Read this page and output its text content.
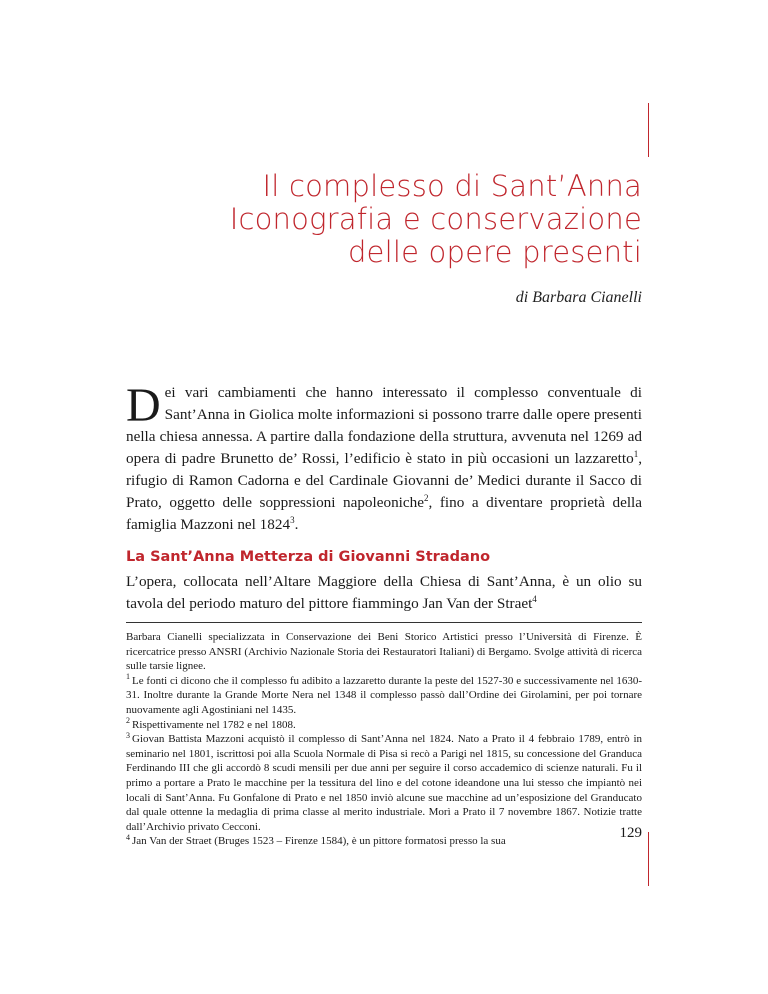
Il complesso di Sant’Anna
Iconografia e conservazione
delle opere presenti
di Barbara Cianelli

Dei vari cambiamenti che hanno interessato il complesso conventuale di Sant’Anna in Giolica molte informazioni si possono trarre dalle opere presenti nella chiesa annessa. A partire dalla fondazione della struttura, avvenuta nel 1269 ad opera di padre Brunetto de’ Rossi, l’edificio è stato in più occasioni un lazzaretto$^1$, rifugio di Ramon Cadorna e del Cardinale Giovanni de’ Medici durante il Sacco di Prato, oggetto delle soppressioni napoleoniche$^2$, fino a diventare proprietà della famiglia Mazzoni nel 1824$^3$.

La Sant’Anna Metterza di Giovanni Stradano

L’opera, collocata nell’Altare Maggiore della Chiesa di Sant’Anna, è un olio su tavola del periodo maturo del pittore fiammingo Jan Van der Straet$^4$

Barbara Cianelli specializzata in Conservazione dei Beni Storico Artistici presso l’Università di Firenze. È ricercatrice presso ANSRI (Archivio Nazionale Storia dei Restauratori Italiani) di Bergamo. Svolge attività di ricerca sulle tarsie lignee.

$^1$ Le fonti ci dicono che il complesso fu adibito a lazzaretto durante la peste del 1527-30 e successivamente nel 1630-31. Inoltre durante la Grande Morte Nera nel 1348 il complesso passò dall’Ordine dei Girolamini, per poi tornare nuovamente agli Agostiniani nel 1435.

$^2$ Rispettivamente nel 1782 e nel 1808.

$^3$ Giovan Battista Mazzoni acquistò il complesso di Sant’Anna nel 1824. Nato a Prato il 4 febbraio 1789, entrò in seminario nel 1801, iscrittosi poi alla Scuola Normale di Pisa si recò a Parigi nel 1815, su concessione del Granduca Ferdinando III che gli accordò 8 scudi mensili per due anni per seguire il corso accademico di scienze naturali. Fu il primo a portare a Prato le macchine per la tessitura del lino e del cotone ideandone una lui stesso che impiantò nei locali di Sant’Anna. Fu Gonfalone di Prato e nel 1850 inviò alcune sue macchine ad un’esposizione del Granducato dal quale ottenne la medaglia di prima classe al merito industriale. Morì a Prato il 7 novembre 1867. Notizie tratte dall’Archivio privato Cecconi.

$^4$ Jan Van der Straet (Bruges 1523 – Firenze 1584), è un pittore formatosi presso la sua

129
